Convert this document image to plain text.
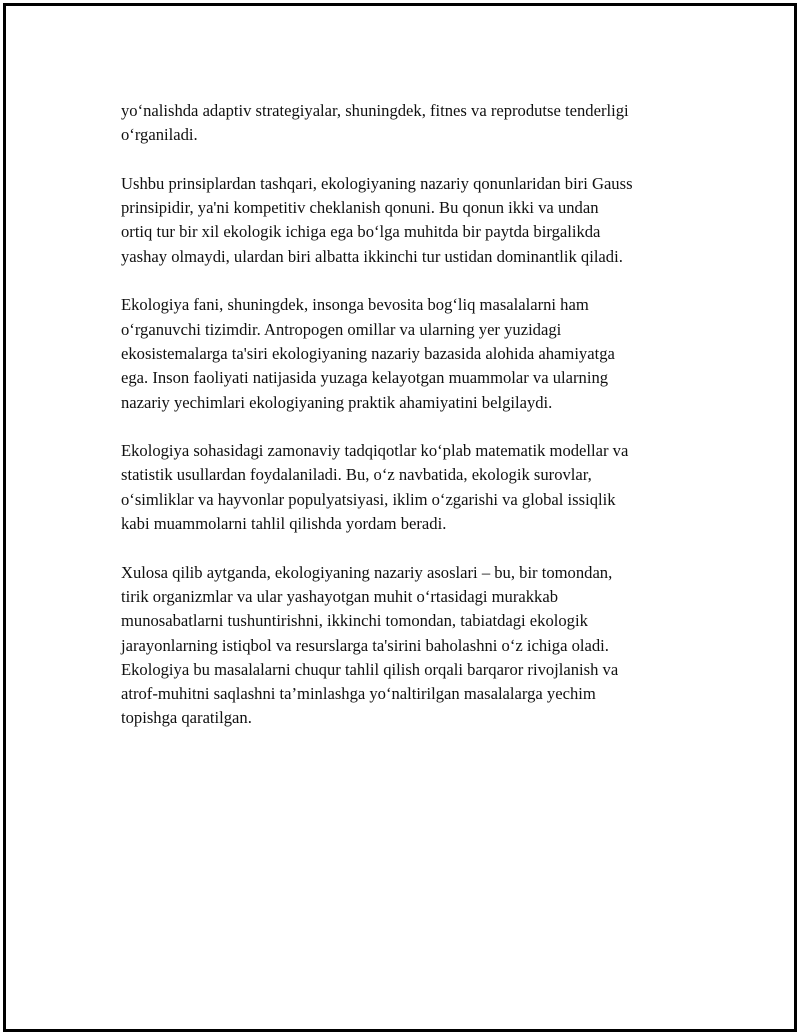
yo‘nalishda adaptiv strategiyalar, shuningdek, fitnes va reprodutse tenderligi
o‘rganiladi.

Ushbu prinsiplardan tashqari, ekologiyaning nazariy qonunlaridan biri Gauss
prinsipidir, ya'ni kompetitiv cheklanish qonuni. Bu qonun ikki va undan
ortiq tur bir xil ekologik ichiga ega bo‘lga muhitda bir paytda birgalikda
yashay olmaydi, ulardan biri albatta ikkinchi tur ustidan dominantlik qiladi.

Ekologiya fani, shuningdek, insonga bevosita bog‘liq masalalarni ham
o‘rganuvchi tizimdir. Antropogen omillar va ularning yer yuzidagi
ekosistemalarga ta'siri ekologiyaning nazariy bazasida alohida ahamiyatga
ega. Inson faoliyati natijasida yuzaga kelayotgan muammolar va ularning
nazariy yechimlari ekologiyaning praktik ahamiyatini belgilaydi.

Ekologiya sohasidagi zamonaviy tadqiqotlar ko‘plab matematik modellar va
statistik usullardan foydalaniladi. Bu, o‘z navbatida, ekologik surovlar,
o‘simliklar va hayvonlar populyatsiyasi, iklim o‘zgarishi va global issiqlik
kabi muammolarni tahlil qilishda yordam beradi.

Xulosa qilib aytganda, ekologiyaning nazariy asoslari – bu, bir tomondan,
tirik organizmlar va ular yashayotgan muhit o‘rtasidagi murakkab
munosabatlarni tushuntirishni, ikkinchi tomondan, tabiatdagi ekologik
jarayonlarning istiqbol va resurslarga ta'sirini baholashni o‘z ichiga oladi.
Ekologiya bu masalalarni chuqur tahlil qilish orqali barqaror rivojlanish va
atrof-muhitni saqlashni ta’minlashga yo‘naltirilgan masalalarga yechim
topishga qaratilgan.
